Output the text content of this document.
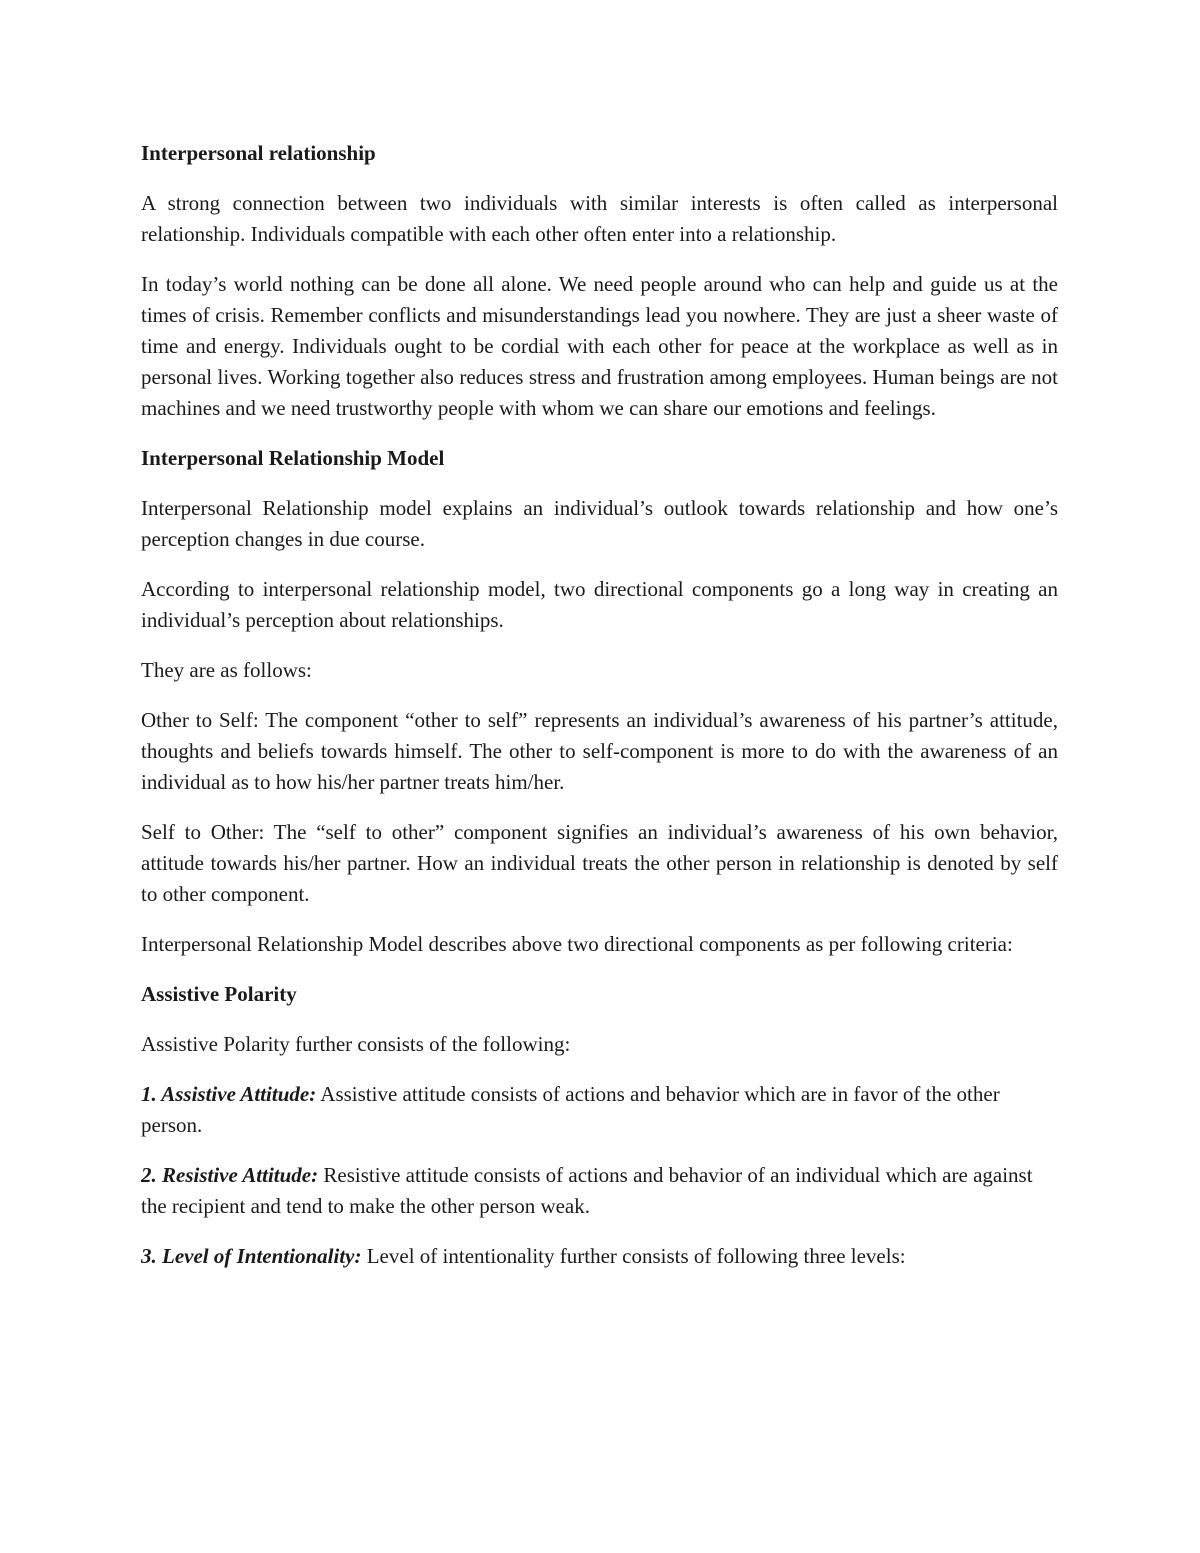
Interpersonal relationship

A strong connection between two individuals with similar interests is often called as interpersonal relationship. Individuals compatible with each other often enter into a relationship.

In today’s world nothing can be done all alone. We need people around who can help and guide us at the times of crisis. Remember conflicts and misunderstandings lead you nowhere. They are just a sheer waste of time and energy. Individuals ought to be cordial with each other for peace at the workplace as well as in personal lives. Working together also reduces stress and frustration among employees. Human beings are not machines and we need trustworthy people with whom we can share our emotions and feelings.

Interpersonal Relationship Model

Interpersonal Relationship model explains an individual’s outlook towards relationship and how one’s perception changes in due course.

According to interpersonal relationship model, two directional components go a long way in creating an individual’s perception about relationships.

They are as follows:

Other to Self: The component “other to self” represents an individual’s awareness of his partner’s attitude, thoughts and beliefs towards himself. The other to self-component is more to do with the awareness of an individual as to how his/her partner treats him/her.

Self to Other: The “self to other” component signifies an individual’s awareness of his own behavior, attitude towards his/her partner. How an individual treats the other person in relationship is denoted by self to other component.

Interpersonal Relationship Model describes above two directional components as per following criteria:

Assistive Polarity

Assistive Polarity further consists of the following:

1. Assistive Attitude: Assistive attitude consists of actions and behavior which are in favor of the other person.

2. Resistive Attitude: Resistive attitude consists of actions and behavior of an individual which are against the recipient and tend to make the other person weak.

3. Level of Intentionality: Level of intentionality further consists of following three levels:
